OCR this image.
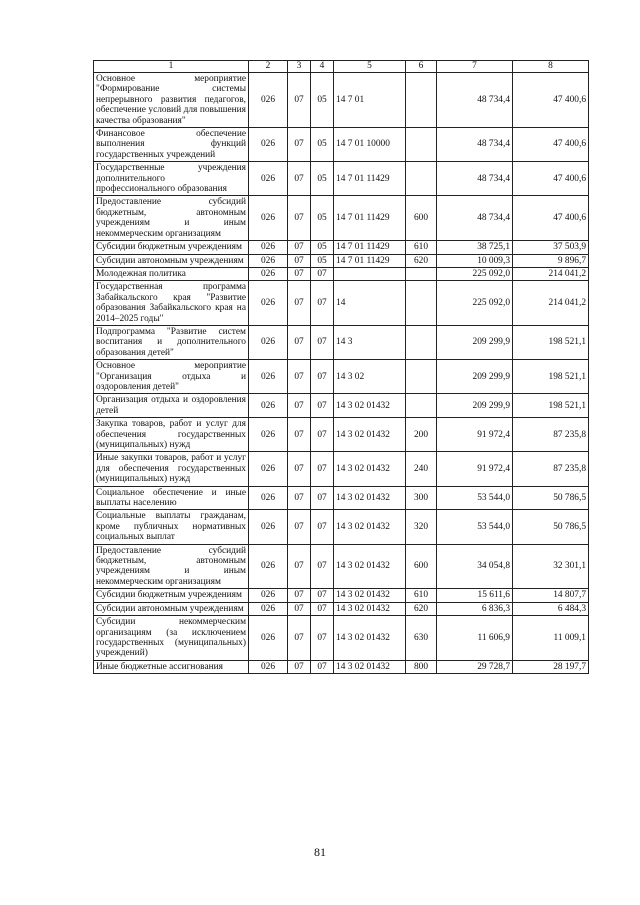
1	2	3	4	5	6	7	8
Основное мероприятие "Формирование системы непрерывного развития педагогов, обеспечение условий для повышения качества образования"	026	07	05	14 7 01		48 734,4	47 400,6
Финансовое обеспечение выполнения функций государственных учреждений	026	07	05	14 7 01 10000		48 734,4	47 400,6
Государственные учреждения дополнительного профессионального образования	026	07	05	14 7 01 11429		48 734,4	47 400,6
Предоставление субсидий бюджетным, автономным учреждениям и иным некоммерческим организациям	026	07	05	14 7 01 11429	600	48 734,4	47 400,6
Субсидии бюджетным учреждениям	026	07	05	14 7 01 11429	610	38 725,1	37 503,9
Субсидии автономным учреждениям	026	07	05	14 7 01 11429	620	10 009,3	9 896,7
Молодежная политика	026	07	07			225 092,0	214 041,2
Государственная программа Забайкальского края "Развитие образования Забайкальского края на 2014–2025 годы"	026	07	07	14		225 092,0	214 041,2
Подпрограмма "Развитие систем воспитания и дополнительного образования детей"	026	07	07	14 3		209 299,9	198 521,1
Основное мероприятие "Организация отдыха и оздоровления детей"	026	07	07	14 3 02		209 299,9	198 521,1
Организация отдыха и оздоровления детей	026	07	07	14 3 02 01432		209 299,9	198 521,1
Закупка товаров, работ и услуг для обеспечения государственных (муниципальных) нужд	026	07	07	14 3 02 01432	200	91 972,4	87 235,8
Иные закупки товаров, работ и услуг для обеспечения государственных (муниципальных) нужд	026	07	07	14 3 02 01432	240	91 972,4	87 235,8
Социальное обеспечение и иные выплаты населению	026	07	07	14 3 02 01432	300	53 544,0	50 786,5
Социальные выплаты гражданам, кроме публичных нормативных социальных выплат	026	07	07	14 3 02 01432	320	53 544,0	50 786,5
Предоставление субсидий бюджетным, автономным учреждениям и иным некоммерческим организациям	026	07	07	14 3 02 01432	600	34 054,8	32 301,1
Субсидии бюджетным учреждениям	026	07	07	14 3 02 01432	610	15 611,6	14 807,7
Субсидии автономным учреждениям	026	07	07	14 3 02 01432	620	6 836,3	6 484,3
Субсидии некоммерческим организациям (за исключением государственных (муниципальных) учреждений)	026	07	07	14 3 02 01432	630	11 606,9	11 009,1
Иные бюджетные ассигнования	026	07	07	14 3 02 01432	800	29 728,7	28 197,7
81
